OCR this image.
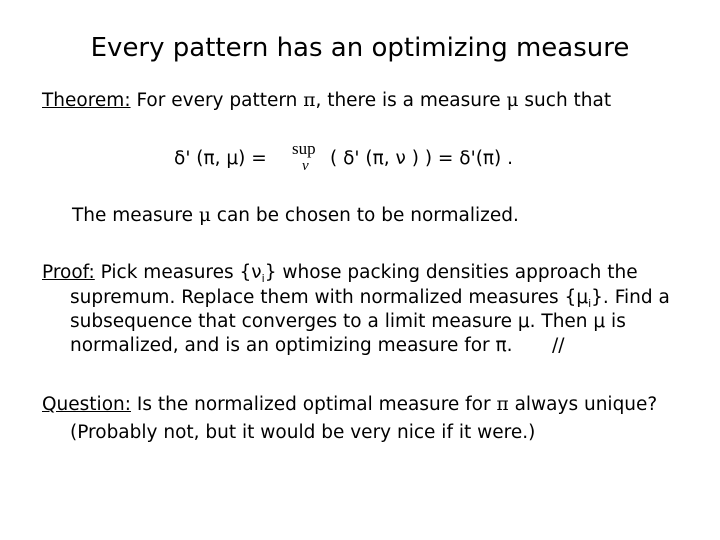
Every pattern has an optimizing measure
Theorem: For every pattern π, there is a measure μ such that
δ' (π, μ) = sup
ν ( δ' (π, ν ) ) = δ'(π) .
The measure μ can be chosen to be normalized.
Proof: Pick measures $\{\nu_i\}$ whose packing densities approach the
supremum. Replace them with normalized measures $\{\mu_i\}$. Find a
subsequence that converges to a limit measure μ. Then μ is
normalized, and is an optimizing measure for π. //
Question: Is the normalized optimal measure for π always unique?
(Probably not, but it would be very nice if it were.)
